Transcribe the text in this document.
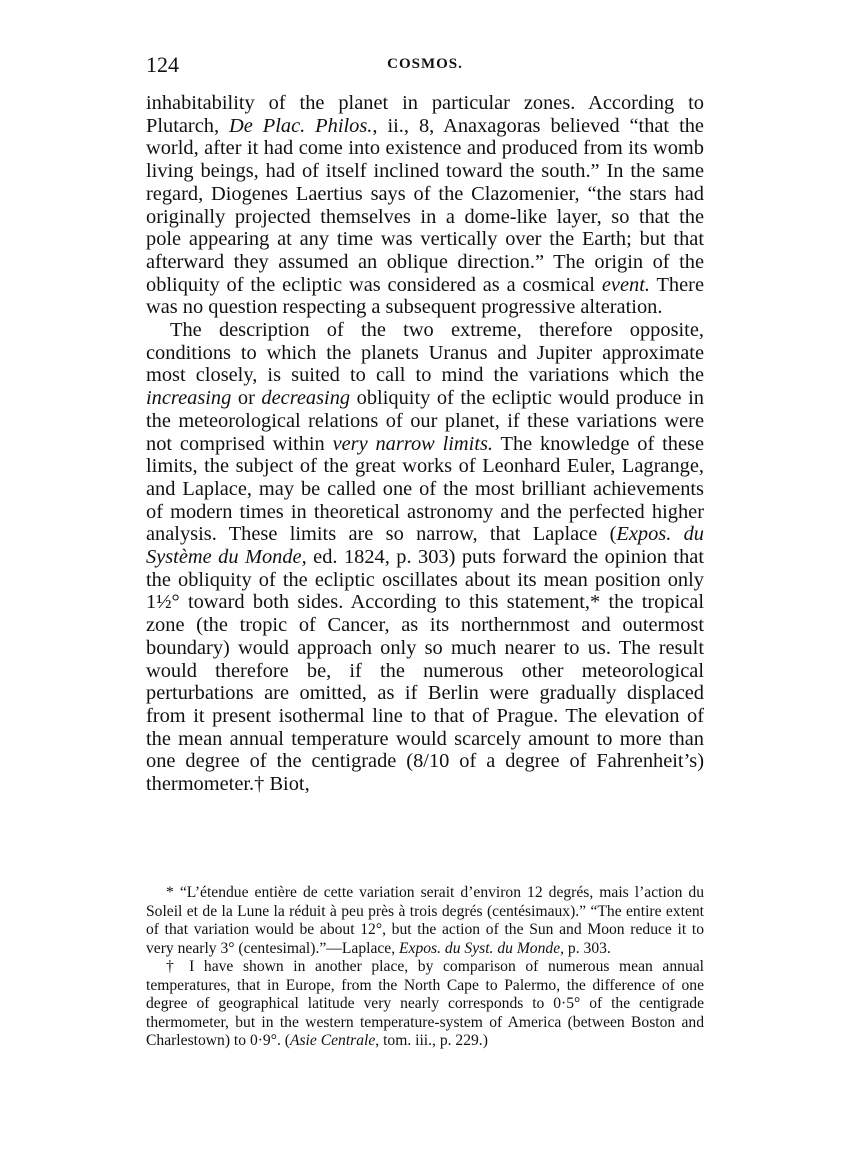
124	COSMOS.

inhabitability of the planet in particular zones. According to Plutarch, De Plac. Philos., ii., 8, Anaxagoras believed “that the world, after it had come into existence and produced from its womb living beings, had of itself inclined toward the south.” In the same regard, Diogenes Laertius says of the Clazomenier, “the stars had originally projected themselves in a dome-like layer, so that the pole appearing at any time was vertically over the Earth; but that afterward they assumed an oblique direction.” The origin of the obliquity of the ecliptic was considered as a cosmical event. There was no question respecting a subsequent progressive alteration.

The description of the two extreme, therefore opposite, conditions to which the planets Uranus and Jupiter approximate most closely, is suited to call to mind the variations which the increasing or decreasing obliquity of the ecliptic would produce in the meteorological relations of our planet, if these variations were not comprised within very narrow limits. The knowledge of these limits, the subject of the great works of Leonhard Euler, Lagrange, and Laplace, may be called one of the most brilliant achievements of modern times in theoretical astronomy and the perfected higher analysis. These limits are so narrow, that Laplace (Expos. du Système du Monde, ed. 1824, p. 303) puts forward the opinion that the obliquity of the ecliptic oscillates about its mean position only 1½° toward both sides. According to this statement,* the tropical zone (the tropic of Cancer, as its northernmost and outermost boundary) would approach only so much nearer to us. The result would therefore be, if the numerous other meteorological perturbations are omitted, as if Berlin were gradually displaced from it present isothermal line to that of Prague. The elevation of the mean annual temperature would scarcely amount to more than one degree of the centigrade (8/10 of a degree of Fahrenheit’s) thermometer.† Biot,

* “L’étendue entière de cette variation serait d’environ 12 degrés, mais l’action du Soleil et de la Lune la réduit à peu près à trois degrés (centésimaux).” “The entire extent of that variation would be about 12°, but the action of the Sun and Moon reduce it to very nearly 3° (centesimal).”—Laplace, Expos. du Syst. du Monde, p. 303.

† I have shown in another place, by comparison of numerous mean annual temperatures, that in Europe, from the North Cape to Palermo, the difference of one degree of geographical latitude very nearly corresponds to 0·5° of the centigrade thermometer, but in the western temperature-system of America (between Boston and Charlestown) to 0·9°. (Asie Centrale, tom. iii., p. 229.)
